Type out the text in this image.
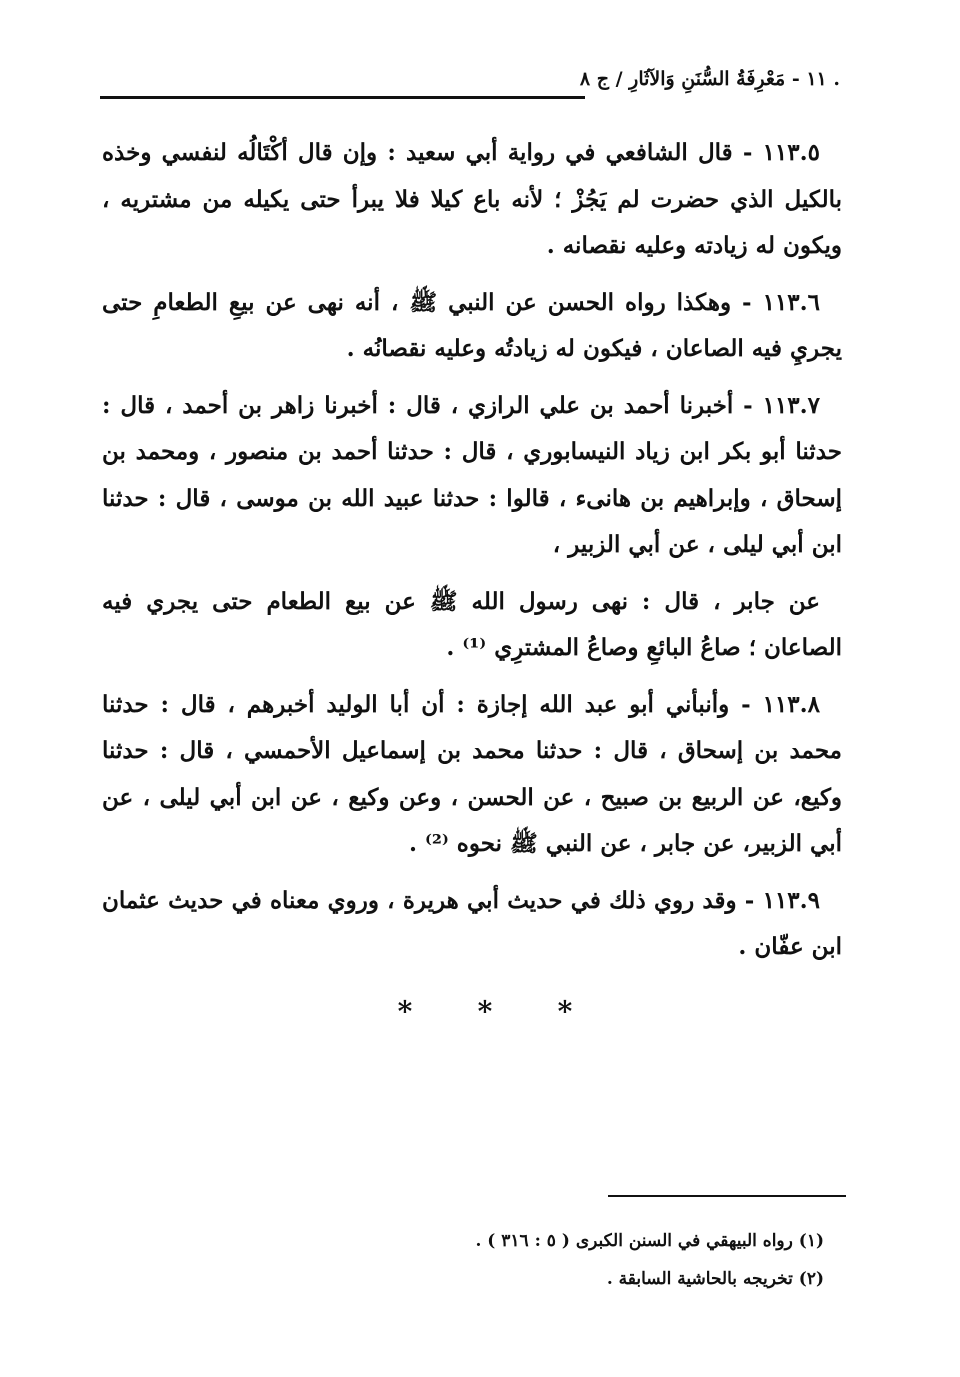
. ١١ - مَعْرِفَةُ السُّنَنِ وَالآثَارِ / ج ٨

١١٣.٥ - قال الشافعي في رواية أبي سعيد : وإن قال أكْتَالُه لنفسي وخذه بالكيل الذي حضرت لم يَجُزْ ؛ لأنه باع كيلا فلا يبرأ حتى يكيله من مشتريه ، ويكون له زيادته وعليه نقصانه .

١١٣.٦ - وهكذا رواه الحسن عن النبي ﷺ ، أنه نهى عن بيعِ الطعامِ حتى يجريِ فيه الصاعان ، فيكون له زيادتُه وعليه نقصانُه .

١١٣.٧ - أخبرنا أحمد بن علي الرازي ، قال : أخبرنا زاهر بن أحمد ، قال : حدثنا أبو بكر ابن زياد النيسابوري ، قال : حدثنا أحمد بن منصور ، ومحمد بن إسحاق ، وإبراهيم بن هانىء ، قالوا : حدثنا عبيد الله بن موسى ، قال : حدثنا ابن أبي ليلى ، عن أبي الزبير ،

عن جابر ، قال : نهى رسول الله ﷺ عن بيع الطعام حتى يجري فيه الصاعان ؛ صاعُ البائعِ وصاعُ المشترِي ⁽¹⁾ .

١١٣.٨ - وأنبأني أبو عبد الله إجازة : أن أبا الوليد أخبرهم ، قال : حدثنا محمد بن إسحاق ، قال : حدثنا محمد بن إسماعيل الأحمسي ، قال : حدثنا وكيع، عن الربيع بن صبيح ، عن الحسن ، وعن وكيع ، عن ابن أبي ليلى ، عن أبي الزبير، عن جابر ، عن النبي ﷺ نحوه ⁽²⁾ .

١١٣.٩ - وقد روي ذلك في حديث أبي هريرة ، وروي معناه في حديث عثمان ابن عفّان .

* * *
(١) رواه البيهقي في السنن الكبرى ( ٥ : ٣١٦ ) .
(٢) تخريجه بالحاشية السابقة .
